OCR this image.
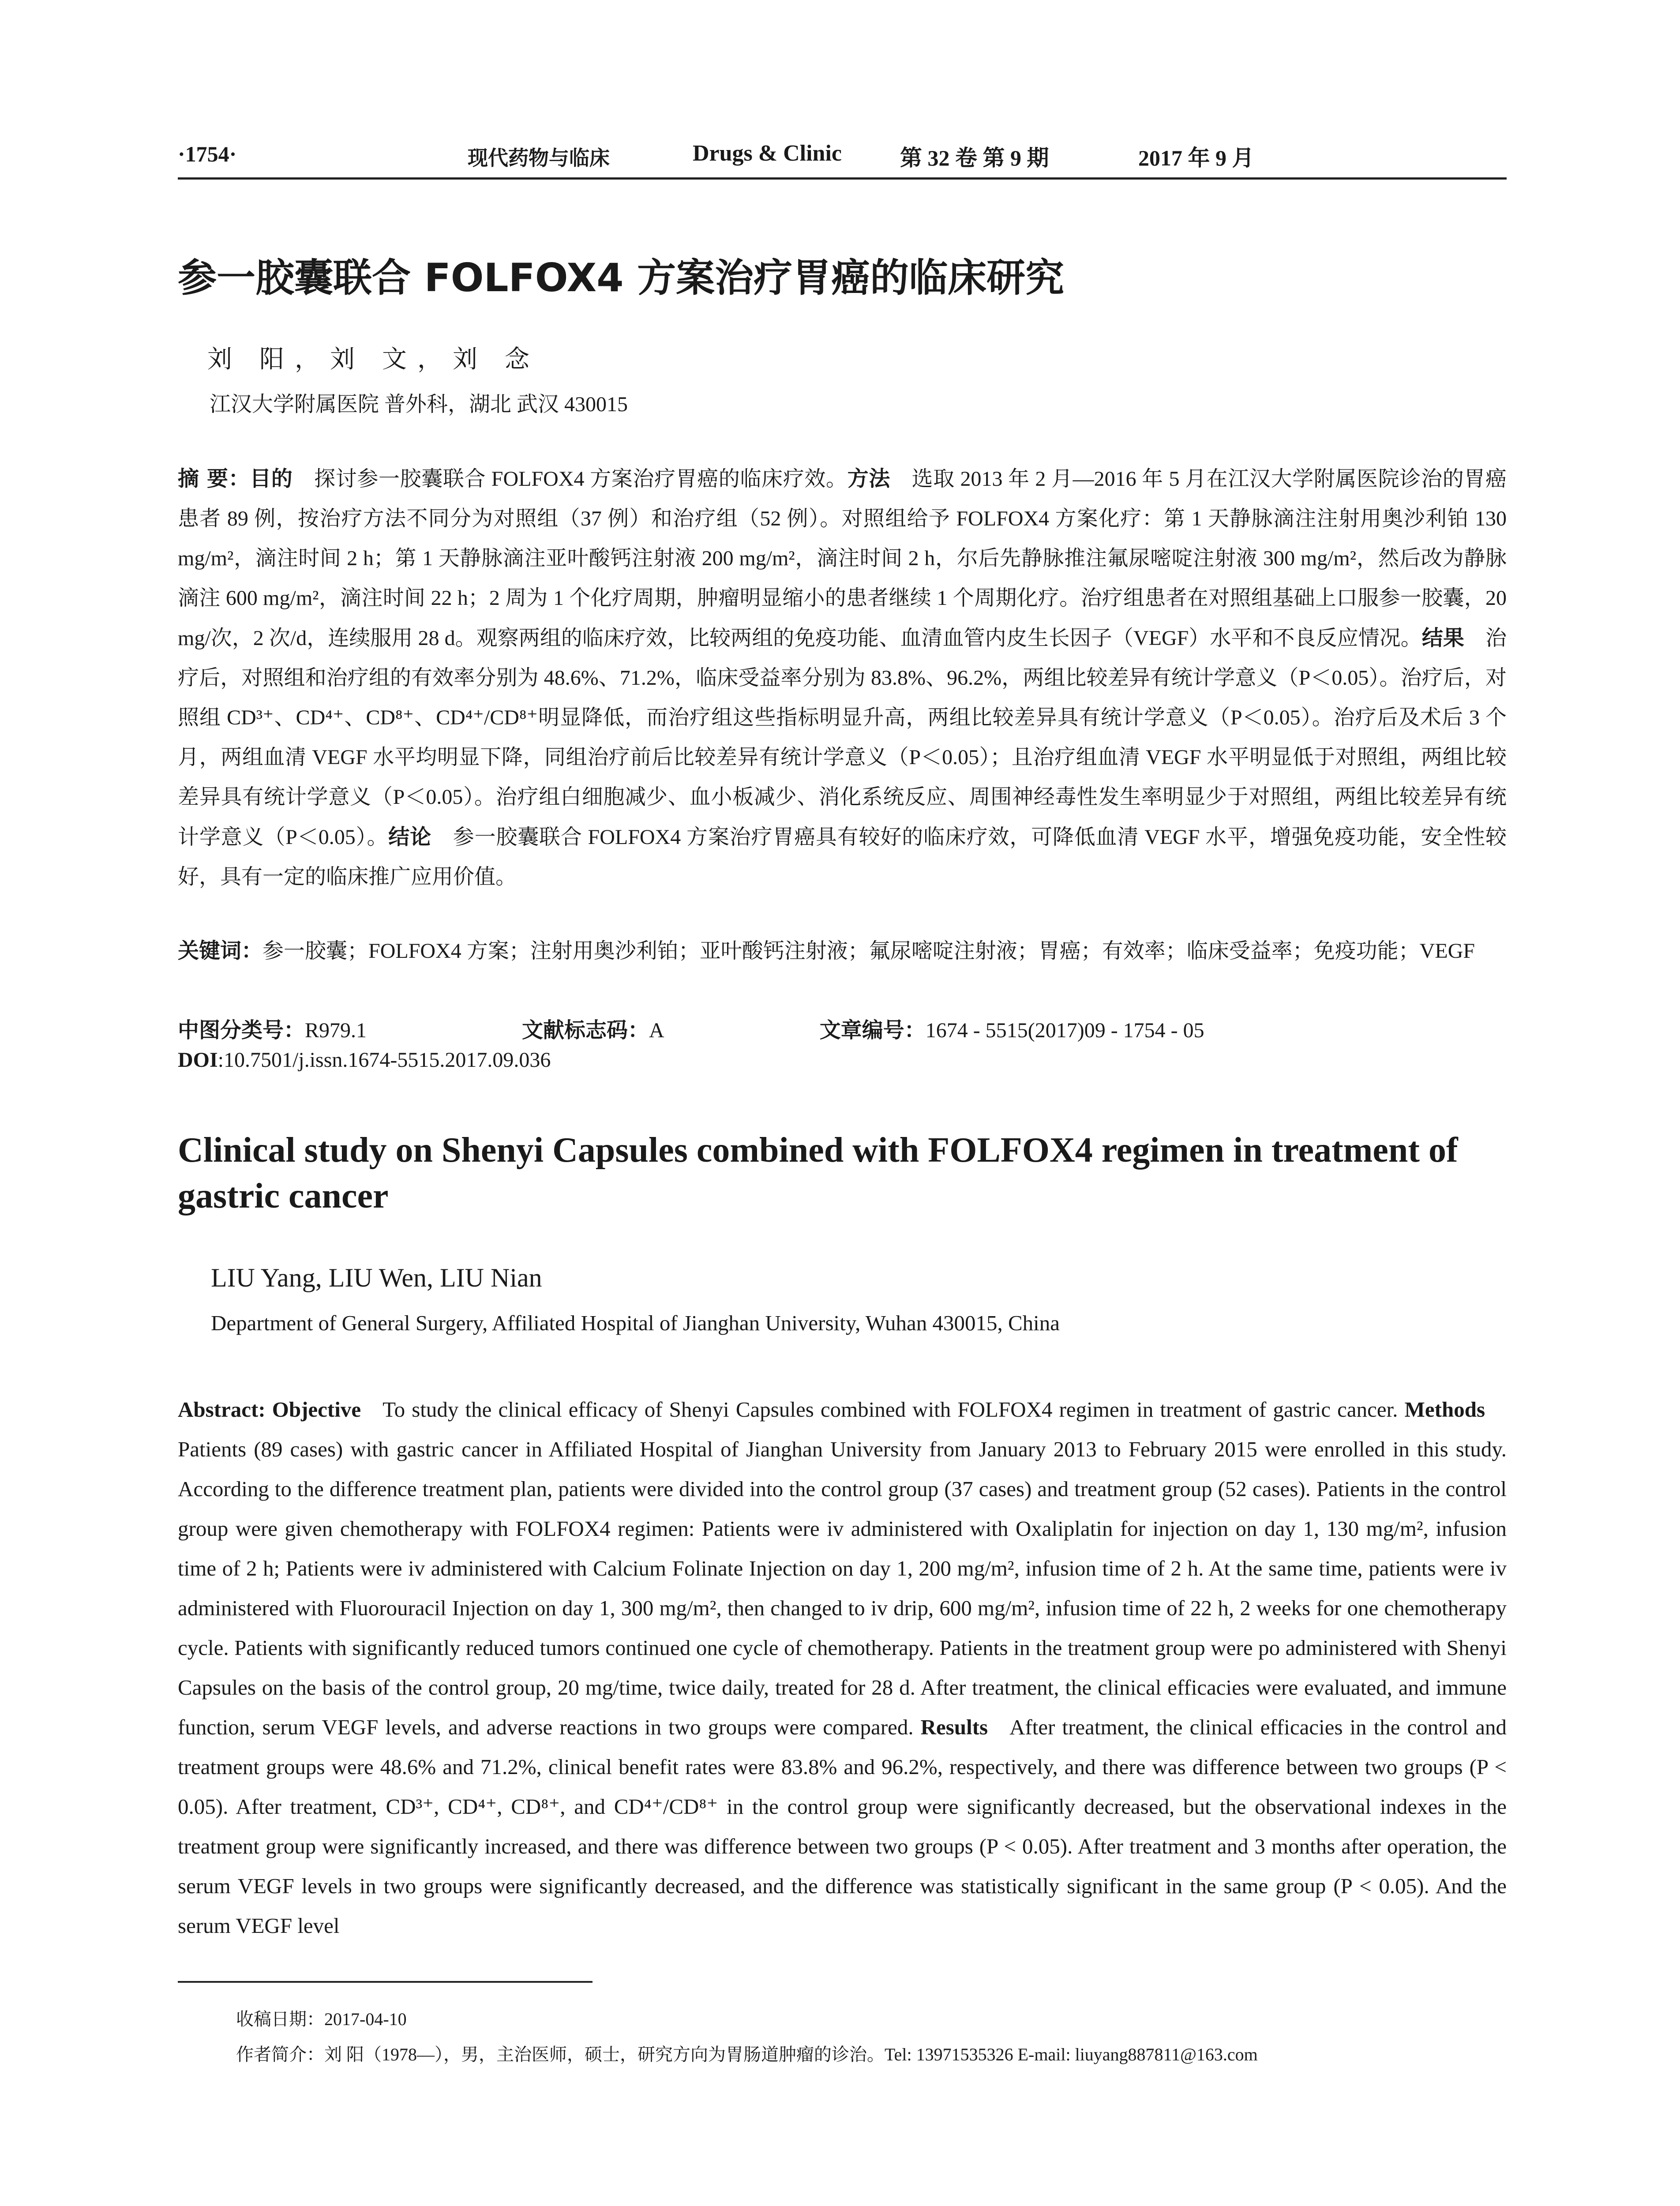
·1754·	现代药物与临床	Drugs & Clinic	第 32 卷 第 9 期	2017 年 9 月
参一胶囊联合 FOLFOX4 方案治疗胃癌的临床研究
刘 阳，刘 文，刘 念
江汉大学附属医院 普外科，湖北 武汉 430015
摘 要：目的  探讨参一胶囊联合 FOLFOX4 方案治疗胃癌的临床疗效。方法  选取 2013 年 2 月—2016 年 5 月在江汉大学附属医院诊治的胃癌患者 89 例，按治疗方法不同分为对照组（37 例）和治疗组（52 例）。对照组给予 FOLFOX4 方案化疗：第 1 天静脉滴注注射用奥沙利铂 130 mg/m²，滴注时间 2 h；第 1 天静脉滴注亚叶酸钙注射液 200 mg/m²，滴注时间 2 h，尔后先静脉推注氟尿嘧啶注射液 300 mg/m²，然后改为静脉滴注 600 mg/m²，滴注时间 22 h；2 周为 1 个化疗周期，肿瘤明显缩小的患者继续 1 个周期化疗。治疗组患者在对照组基础上口服参一胶囊，20 mg/次，2 次/d，连续服用 28 d。观察两组的临床疗效，比较两组的免疫功能、血清血管内皮生长因子（VEGF）水平和不良反应情况。结果  治疗后，对照组和治疗组的有效率分别为 48.6%、71.2%，临床受益率分别为 83.8%、96.2%，两组比较差异有统计学意义（P＜0.05）。治疗后，对照组 CD³⁺、CD⁴⁺、CD⁸⁺、CD⁴⁺/CD⁸⁺明显降低，而治疗组这些指标明显升高，两组比较差异具有统计学意义（P＜0.05）。治疗后及术后 3 个月，两组血清 VEGF 水平均明显下降，同组治疗前后比较差异有统计学意义（P＜0.05）；且治疗组血清 VEGF 水平明显低于对照组，两组比较差异具有统计学意义（P＜0.05）。治疗组白细胞减少、血小板减少、消化系统反应、周围神经毒性发生率明显少于对照组，两组比较差异有统计学意义（P＜0.05）。结论  参一胶囊联合 FOLFOX4 方案治疗胃癌具有较好的临床疗效，可降低血清 VEGF 水平，增强免疫功能，安全性较好，具有一定的临床推广应用价值。
关键词：参一胶囊；FOLFOX4 方案；注射用奥沙利铂；亚叶酸钙注射液；氟尿嘧啶注射液；胃癌；有效率；临床受益率；免疫功能；VEGF
中图分类号：R979.1	文献标志码：A	文章编号：1674 - 5515(2017)09 - 1754 - 05
DOI:10.7501/j.issn.1674-5515.2017.09.036
Clinical study on Shenyi Capsules combined with FOLFOX4 regimen in treatment of gastric cancer
LIU Yang, LIU Wen, LIU Nian
Department of General Surgery, Affiliated Hospital of Jianghan University, Wuhan 430015, China
Abstract: Objective  To study the clinical efficacy of Shenyi Capsules combined with FOLFOX4 regimen in treatment of gastric cancer. Methods Patients (89 cases) with gastric cancer in Affiliated Hospital of Jianghan University from January 2013 to February 2015 were enrolled in this study. According to the difference treatment plan, patients were divided into the control group (37 cases) and treatment group (52 cases). Patients in the control group were given chemotherapy with FOLFOX4 regimen: Patients were iv administered with Oxaliplatin for injection on day 1, 130 mg/m², infusion time of 2 h; Patients were iv administered with Calcium Folinate Injection on day 1, 200 mg/m², infusion time of 2 h. At the same time, patients were iv administered with Fluorouracil Injection on day 1, 300 mg/m², then changed to iv drip, 600 mg/m², infusion time of 22 h, 2 weeks for one chemotherapy cycle. Patients with significantly reduced tumors continued one cycle of chemotherapy. Patients in the treatment group were po administered with Shenyi Capsules on the basis of the control group, 20 mg/time, twice daily, treated for 28 d. After treatment, the clinical efficacies were evaluated, and immune function, serum VEGF levels, and adverse reactions in two groups were compared. Results  After treatment, the clinical efficacies in the control and treatment groups were 48.6% and 71.2%, clinical benefit rates were 83.8% and 96.2%, respectively, and there was difference between two groups (P < 0.05). After treatment, CD³⁺, CD⁴⁺, CD⁸⁺, and CD⁴⁺/CD⁸⁺ in the control group were significantly decreased, but the observational indexes in the treatment group were significantly increased, and there was difference between two groups (P < 0.05). After treatment and 3 months after operation, the serum VEGF levels in two groups were significantly decreased, and the difference was statistically significant in the same group (P < 0.05). And the serum VEGF level
收稿日期：2017-04-10
作者简介：刘 阳（1978—），男，主治医师，硕士，研究方向为胃肠道肿瘤的诊治。Tel: 13971535326 E-mail: liuyang887811@163.com
